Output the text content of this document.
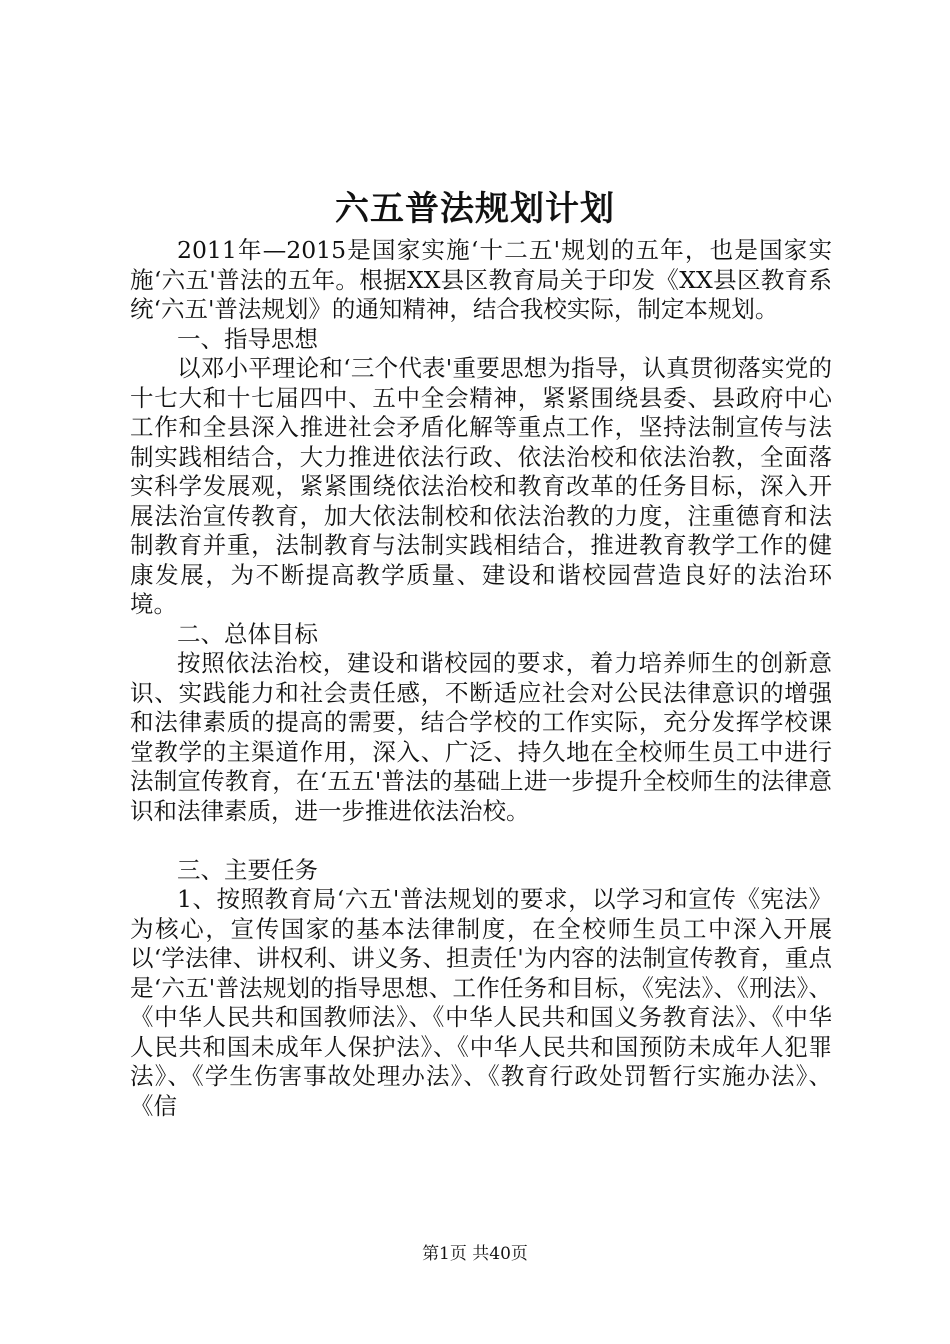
六五普法规划计划

2011年—2015是国家实施‘十二五'规划的五年，也是国家实施‘六五'普法的五年。根据XX县区教育局关于印发《XX县区教育系统‘六五'普法规划》的通知精神，结合我校实际，制定本规划。

一、指导思想

以邓小平理论和‘三个代表'重要思想为指导，认真贯彻落实党的十七大和十七届四中、五中全会精神，紧紧围绕县委、县政府中心工作和全县深入推进社会矛盾化解等重点工作，坚持法制宣传与法制实践相结合，大力推进依法行政、依法治校和依法治教，全面落实科学发展观，紧紧围绕依法治校和教育改革的任务目标，深入开展法治宣传教育，加大依法制校和依法治教的力度，注重德育和法制教育并重，法制教育与法制实践相结合，推进教育教学工作的健康发展，为不断提高教学质量、建设和谐校园营造良好的法治环境。

二、总体目标

按照依法治校，建设和谐校园的要求，着力培养师生的创新意识、实践能力和社会责任感，不断适应社会对公民法律意识的增强和法律素质的提高的需要，结合学校的工作实际，充分发挥学校课堂教学的主渠道作用，深入、广泛、持久地在全校师生员工中进行法制宣传教育，在‘五五'普法的基础上进一步提升全校师生的法律意识和法律素质，进一步推进依法治校。

三、主要任务

1、按照教育局‘六五'普法规划的要求，以学习和宣传《宪法》为核心，宣传国家的基本法律制度，在全校师生员工中深入开展以‘学法律、讲权利、讲义务、担责任'为内容的法制宣传教育，重点是‘六五'普法规划的指导思想、工作任务和目标，《宪法》、《刑法》、《中华人民共和国教师法》、《中华人民共和国义务教育法》、《中华人民共和国未成年人保护法》、《中华人民共和国预防未成年人犯罪法》、《学生伤害事故处理办法》、《教育行政处罚暂行实施办法》、《信

第1页 共40页
